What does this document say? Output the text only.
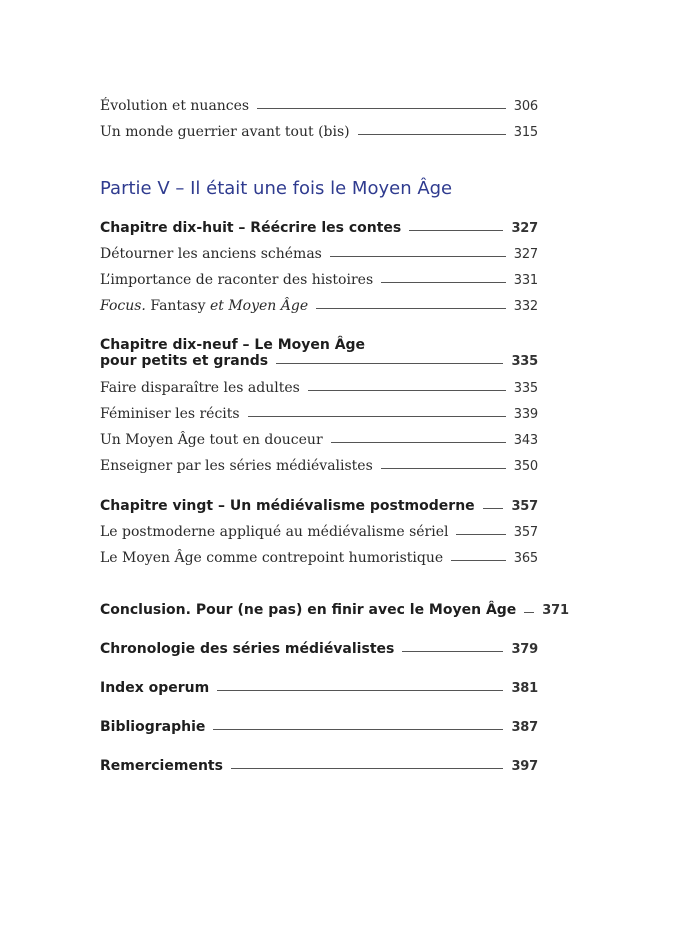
Évolution et nuances	306
Un monde guerrier avant tout (bis)	315
Partie V – Il était une fois le Moyen Âge
Chapitre dix-huit – Réécrire les contes	327
Détourner les anciens schémas	327
L’importance de raconter des histoires	331
Focus. Fantasy et Moyen Âge	332
Chapitre dix-neuf – Le Moyen Âge
pour petits et grands	335
Faire disparaître les adultes	335
Féminiser les récits	339
Un Moyen Âge tout en douceur	343
Enseigner par les séries médiévalistes	350
Chapitre vingt – Un médiévalisme postmoderne	357
Le postmoderne appliqué au médiévalisme sériel	357
Le Moyen Âge comme contrepoint humoristique	365
Conclusion. Pour (ne pas) en finir avec le Moyen Âge 371
Chronologie des séries médiévalistes	379
Index operum	381
Bibliographie	387
Remerciements	397
